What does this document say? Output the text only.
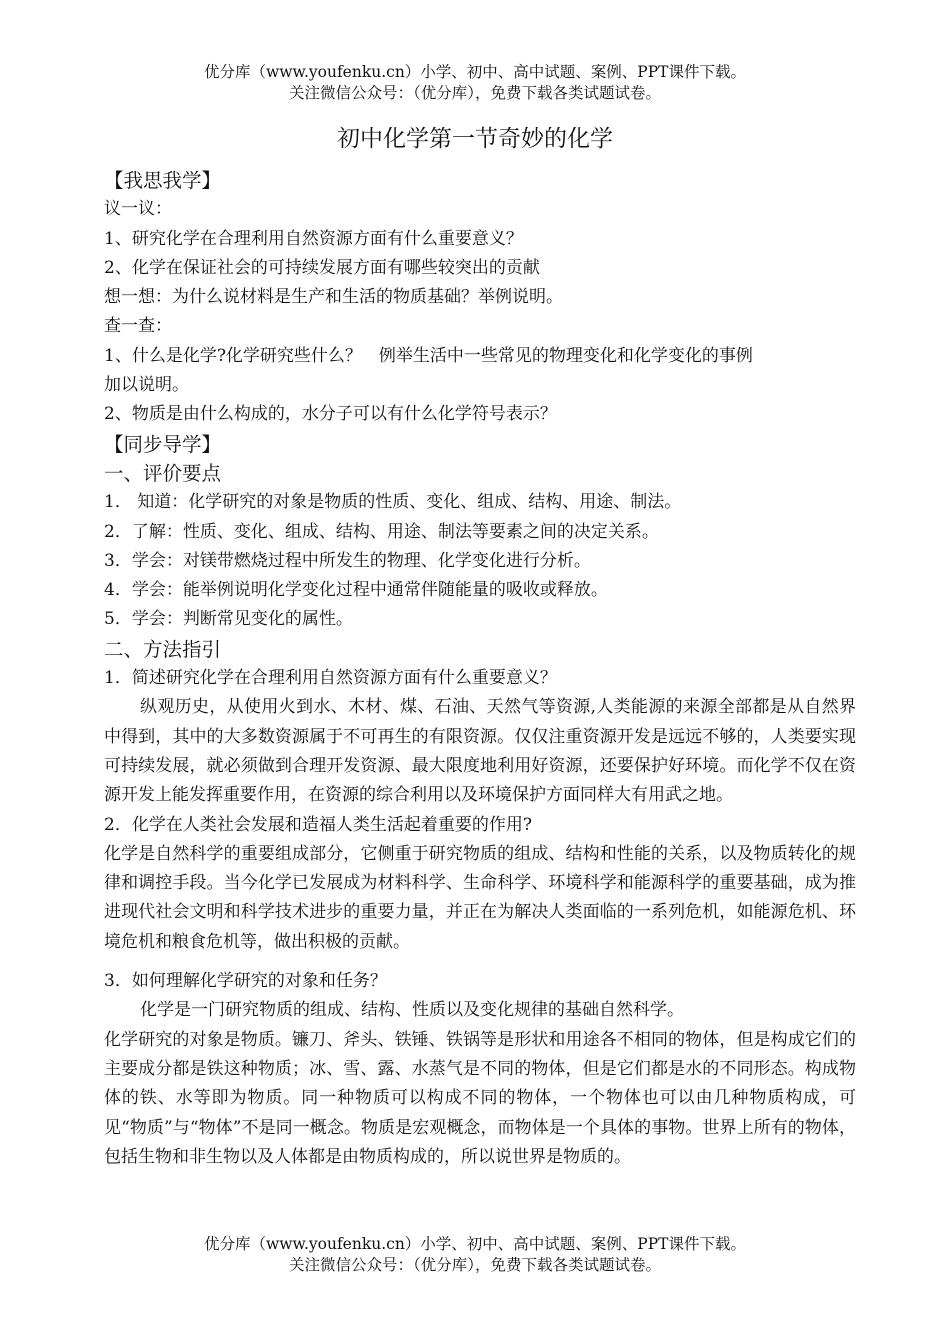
优分库（www.youfenku.cn）小学、初中、高中试题、案例、PPT课件下载。
关注微信公众号：（优分库），免费下载各类试题试卷。
初中化学第一节奇妙的化学

【我思我学】

议一议：

1、研究化学在合理利用自然资源方面有什么重要意义？

2、化学在保证社会的可持续发展方面有哪些较突出的贡献

想一想：为什么说材料是生产和生活的物质基础？举例说明。

查一查：

1、什么是化学?化学研究些什么？　例举生活中一些常见的物理变化和化学变化的事例

加以说明。

2、物质是由什么构成的，水分子可以有什么化学符号表示？

【同步导学】

一、评价要点

1． 知道：化学研究的对象是物质的性质、变化、组成、结构、用途、制法。

2．了解：性质、变化、组成、结构、用途、制法等要素之间的决定关系。

3．学会：对镁带燃烧过程中所发生的物理、化学变化进行分析。

4．学会：能举例说明化学变化过程中通常伴随能量的吸收或释放。

5．学会：判断常见变化的属性。

二、方法指引

1．简述研究化学在合理利用自然资源方面有什么重要意义？

纵观历史，从使用火到水、木材、煤、石油、天然气等资源,人类能源的来源全部都是从自然界中得到，其中的大多数资源属于不可再生的有限资源。仅仅注重资源开发是远远不够的，人类要实现可持续发展，就必须做到合理开发资源、最大限度地利用好资源，还要保护好环境。而化学不仅在资源开发上能发挥重要作用，在资源的综合利用以及环境保护方面同样大有用武之地。

2．化学在人类社会发展和造福人类生活起着重要的作用?

化学是自然科学的重要组成部分，它侧重于研究物质的组成、结构和性能的关系，以及物质转化的规律和调控手段。当今化学已发展成为材料科学、生命科学、环境科学和能源科学的重要基础，成为推进现代社会文明和科学技术进步的重要力量，并正在为解决人类面临的一系列危机，如能源危机、环境危机和粮食危机等，做出积极的贡献。

3．如何理解化学研究的对象和任务？

化学是一门研究物质的组成、结构、性质以及变化规律的基础自然科学。

化学研究的对象是物质。镰刀、斧头、铁锤、铁锅等是形状和用途各不相同的物体，但是构成它们的主要成分都是铁这种物质；冰、雪、露、水蒸气是不同的物体，但是它们都是水的不同形态。构成物体的铁、水等即为物质。同一种物质可以构成不同的物体，一个物体也可以由几种物质构成，可见“物质”与“物体”不是同一概念。物质是宏观概念，而物体是一个具体的事物。世界上所有的物体，包括生物和非生物以及人体都是由物质构成的，所以说世界是物质的。

优分库（www.youfenku.cn）小学、初中、高中试题、案例、PPT课件下载。
关注微信公众号：（优分库），免费下载各类试题试卷。
